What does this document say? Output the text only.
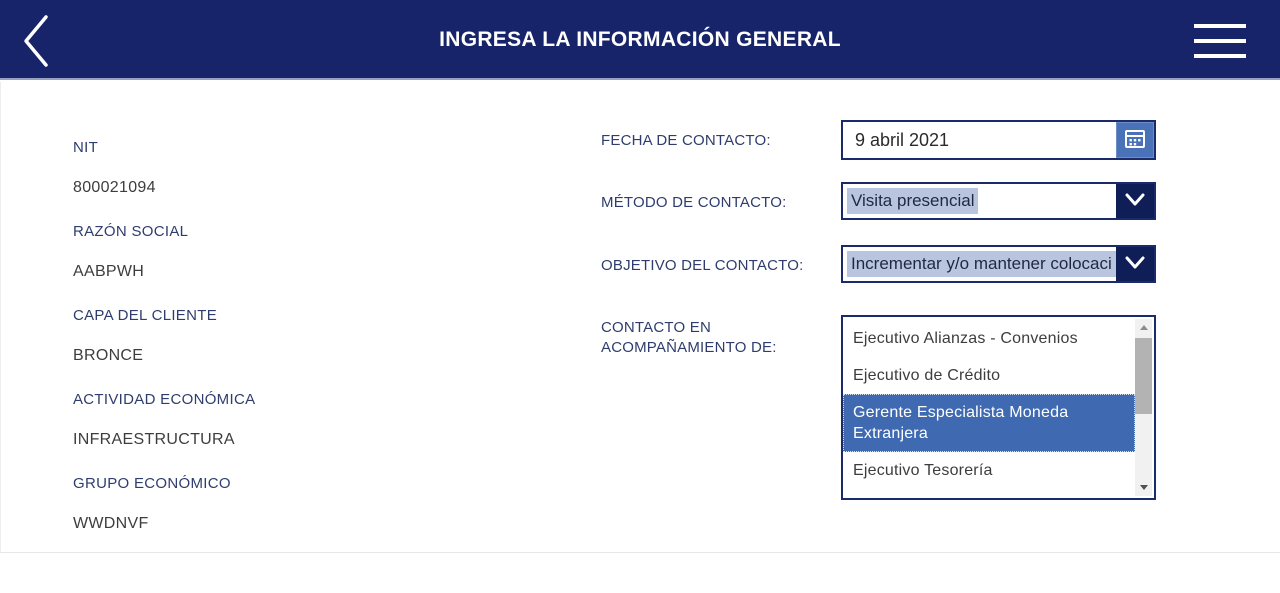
INGRESA LA INFORMACIÓN GENERAL
NIT
800021094
RAZÓN SOCIAL
AABPWH
CAPA DEL CLIENTE
BRONCE
ACTIVIDAD ECONÓMICA
INFRAESTRUCTURA
GRUPO ECONÓMICO
WWDNVF
FECHA DE CONTACTO:
MÉTODO DE CONTACTO:
OBJETIVO DEL CONTACTO:
CONTACTO EN ACOMPAÑAMIENTO DE:
9 abril 2021
Visita presencial
Incrementar y/o mantener colocaci
Ejecutivo Alianzas - Convenios
Ejecutivo de Crédito
Gerente Especialista Moneda Extranjera
Ejecutivo Tesorería
